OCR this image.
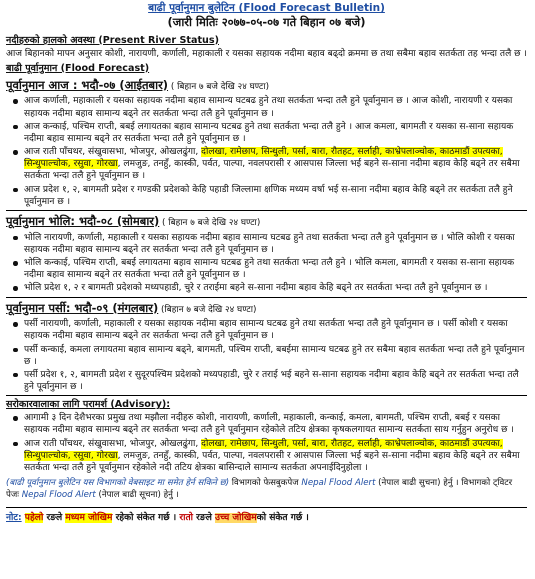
बाढी पूर्वानुमान बुलेटिन (Flood Forecast Bulletin)

(जारी मितिः २०७७-०५-०७ गते बिहान ०७ बजे)

नदीहरुको हालको अवस्था (Present River Status)

आज बिहानको मापन अनुसार कोशी, नारायणी, कर्णाली, महाकाली र यसका सहायक नदीमा बहाव बढ्दो क्रममा छ तथा सबैमा बहाव सतर्कता तह भन्दा तलै छ ।

बाढी पूर्वानुमान (Flood Forecast)

पूर्वानुमान आज : भदौ-०७ (आईतबार) ( बिहान ७ बजे देखि २४ घण्टा)

आज कर्णाली, महाकाली र यसका सहायक नदीमा बहाव सामान्य घटबढ हुने तथा सतर्कता भन्दा तलै हुने पूर्वानुमान छ । आज कोशी, नारायणी र यसका सहायक नदीमा बहाव सामान्य बढ्ने तर सतर्कता भन्दा तलै हुने पूर्वानुमान छ ।
आज कन्काई, पश्चिम राप्ती, बबई लगायतका बहाव सामान्य घटबढ हुने तथा सतर्कता भन्दा तलै हुने । आज कमला, बागमती र यसका स-साना सहायक नदीमा बहाव सामान्य बढ्ने तर सतर्कता भन्दा तलै हुने पूर्वानुमान छ ।
आज राती पाँचथर, संखुवासभा, भोजपुर, ओखलढुंगा, दोलखा, रामेछाप, सिन्धुली, पर्सा, बारा, रौतहट, सर्लाही, काभ्रेपलाञ्चोक, काठमाडौं उपत्यका, सिन्धुपाल्चोक, रसुवा, गोरखा, लमजुङ, तनहुँ, कास्की, पर्वत, पाल्पा, नवलपरासी र आसपास जिल्ला भई बहने स-साना नदीमा बहाव केहि बढ्ने तर सबैमा सतर्कता भन्दा तलै हुने पूर्वानुमान छ ।
आज प्रदेश १, २, बागमती प्रदेश र गण्डकी प्रदेशको केहि पहाडी जिल्लामा क्षणिक मध्यम वर्षा भई स-साना नदीमा बहाव केहि बढ्ने तर सतर्कता तलै हुने पूर्वानुमान छ ।

पूर्वानुमान भोलि: भदौ-०८ (सोमबार) ( बिहान ७ बजे देखि २४ घण्टा)

भोलि नारायणी, कर्णाली, महाकाली र यसका सहायक नदीमा बहाव सामान्य घटबढ हुने तथा सतर्कता भन्दा तलै हुने पूर्वानुमान छ । भोलि कोशी र यसका सहायक नदीमा बहाव सामान्य बढ्ने तर सतर्कता भन्दा तलै हुने पूर्वानुमान छ ।
भोलि कन्काई, पश्चिम राप्ती, बबई लगायतमा बहाव सामान्य घटबढ हुने तथा सतर्कता भन्दा तलै हुने । भोलि कमला, बागमती र यसका स-साना सहायक नदीमा बहाव सामान्य बढ्ने तर सतर्कता भन्दा तलै हुने पूर्वानुमान छ ।
भोलि प्रदेश १, २ र बागमती प्रदेशको मध्यपहाडी, चुरे र तराईमा बहने स-साना नदीमा बहाव केहि बढ्ने तर सतर्कता भन्दा तलै हुने पूर्वानुमान छ ।

पूर्वानुमान पर्सी: भदौ-०९ (मंगलबार) (बिहान ७ बजे देखि २४ घण्टा)

पर्सी नारायणी, कर्णाली, महाकाली र यसका सहायक नदीमा बहाव सामान्य घटबढ हुने तथा सतर्कता भन्दा तलै हुने पूर्वानुमान छ । पर्सी कोशी र यसका सहायक नदीमा बहाव सामान्य बढ्ने तर सतर्कता भन्दा तलै हुने पूर्वानुमान छ ।
पर्सी कन्काई, कमला लगायतमा बहाव सामान्य बढ्ने, बागमती, पश्चिम राप्ती, बबईमा सामान्य घटबढ हुने तर सबैमा बहाव सतर्कता भन्दा तलै हुने पूर्वानुमान छ ।
पर्सी प्रदेश १, २, बागमती प्रदेश र सुदूरपश्चिम प्रदेशको मध्यपहाडी, चुरे र तराई भई बहने स-साना सहायक नदीमा बहाव केहि बढ्ने तर सतर्कता भन्दा तलै हुने पूर्वानुमान छ ।

सरोकारवालाका लागि परामर्श (Advisory):

आगामी ३ दिन देशैभरका प्रमुख तथा मझौला नदीहरु कोशी, नारायणी, कर्णाली, महाकाली, कन्काई, कमला, बागमती, पश्चिम राप्ती, बबई र यसका सहायक नदीमा बहाव सामान्य बढ्ने तर सतर्कता भन्दा तलै हुने पूर्वानुमान रहेकोले तटिय क्षेत्रका कृषकलगायत सामान्य सतर्कता साथ गर्नुहुन अनुरोध छ ।
आज राती पाँचथर, संखुवासभा, भोजपुर, ओखलढुंगा, दोलखा, रामेछाप, सिन्धुली, पर्सा, बारा, रौतहट, सर्लाही, काभ्रेपलाञ्चोक, काठमाडौं उपत्यका, सिन्धुपाल्चोक, रसुवा, गोरखा, लमजुङ, तनहुँ, कास्की, पर्वत, पाल्पा, नवलपरासी र आसपास जिल्ला भई बहने स-साना नदीमा बहाव केहि बढ्ने तर सबैमा सतर्कता भन्दा तलै हुने पूर्वानुमान रहेकोले नदी तटिय क्षेत्रका बासिन्दाले सामान्य सतर्कता अपनाईदिनुहोला ।
(बाढी पूर्वानुमान बुलेटिन यस विभागको वेबसाइट मा समेत हेर्न सकिने छ) विभागको फेसबुकपेज Nepal Flood Alert (नेपाल बाढी सुचना) हेर्नु । विभागको ट्विटर पेजः Nepal Flood Alert (नेपाल बाढी सूचना) हेर्नु ।
नोट: पहेलो रङले मध्यम जोखिम रहेको संकेत गर्छ । रातो रङले उच्च जोखिमको संकेत गर्छ ।
